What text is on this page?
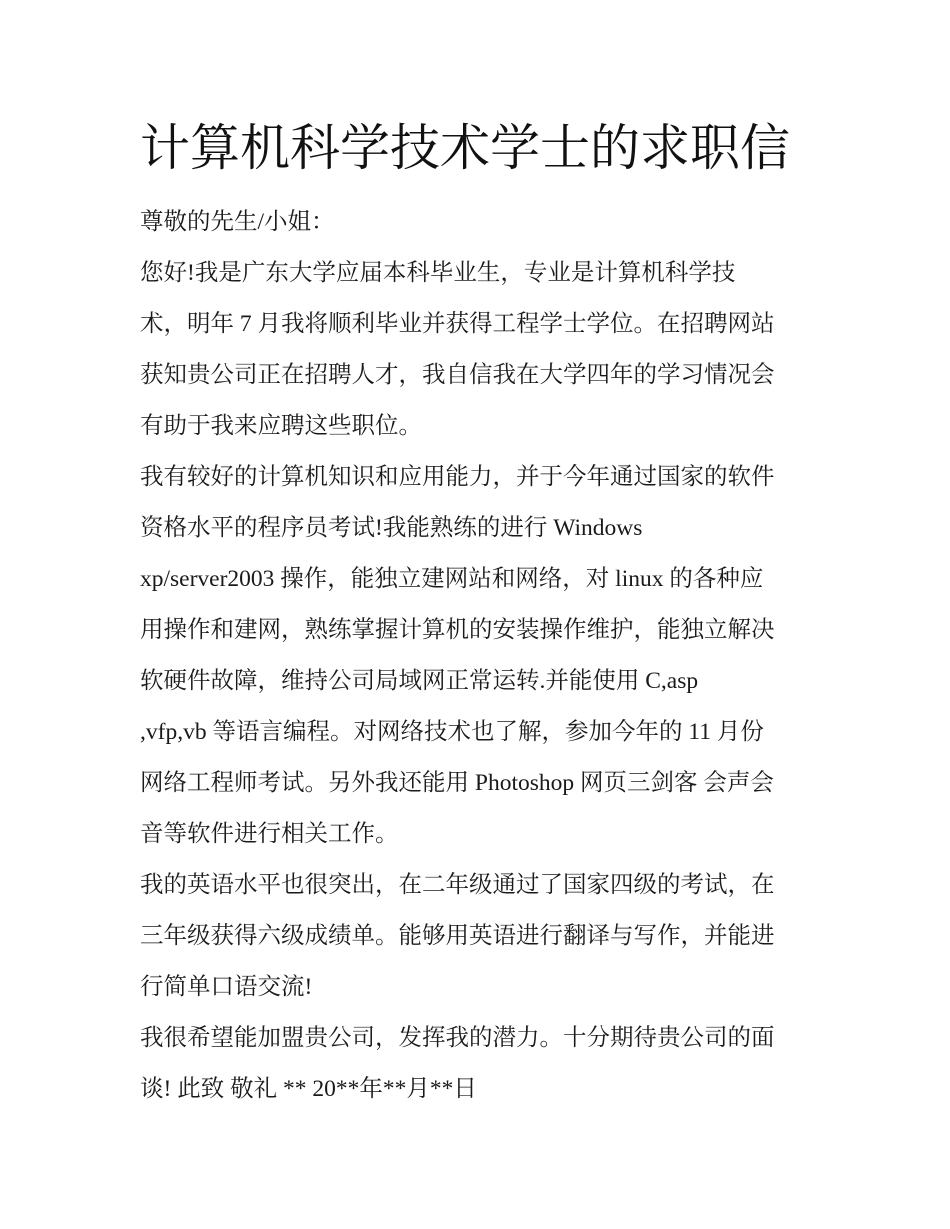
计算机科学技术学士的求职信
尊敬的先生/小姐：
您好!我是广东大学应届本科毕业生，专业是计算机科学技
术，明年 7 月我将顺利毕业并获得工程学士学位。在招聘网站
获知贵公司正在招聘人才，我自信我在大学四年的学习情况会
有助于我来应聘这些职位。
我有较好的计算机知识和应用能力，并于今年通过国家的软件
资格水平的程序员考试!我能熟练的进行 Windows
xp/server2003 操作，能独立建网站和网络，对 linux 的各种应
用操作和建网，熟练掌握计算机的安装操作维护，能独立解决
软硬件故障，维持公司局域网正常运转.并能使用 C,asp
,vfp,vb 等语言编程。对网络技术也了解，参加今年的 11 月份
网络工程师考试。另外我还能用 Photoshop 网页三剑客 会声会
音等软件进行相关工作。
我的英语水平也很突出，在二年级通过了国家四级的考试，在
三年级获得六级成绩单。能够用英语进行翻译与写作，并能进
行简单口语交流!
我很希望能加盟贵公司，发挥我的潜力。十分期待贵公司的面
谈! 此致 敬礼 ** 20**年**月**日
